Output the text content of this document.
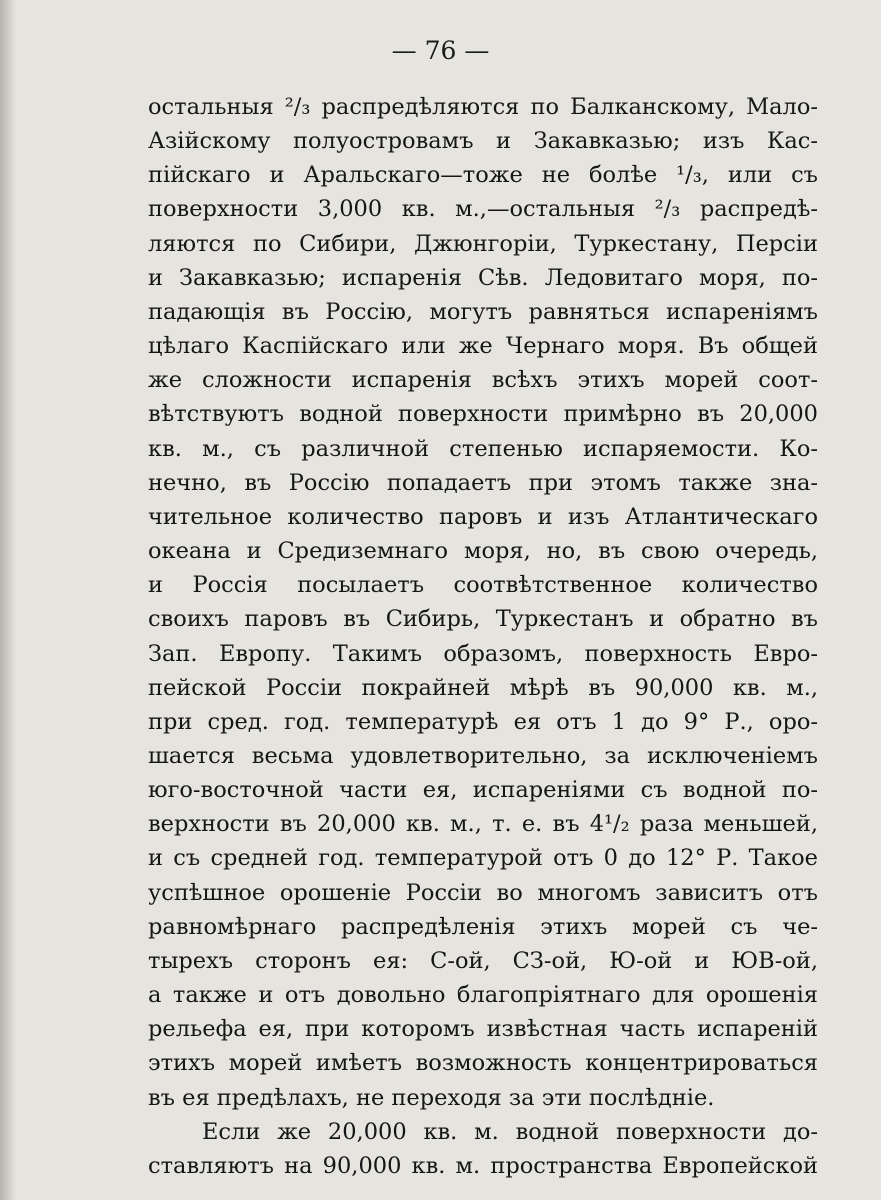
— 76 —
остальныя ²/₃ распредѣляются по Балканскому, Мало-
Азійскому полуостровамъ и Закавказью; изъ Кас-
пійскаго и Аральскаго—тоже не болѣе ¹/₃, или съ
поверхности 3,000 кв. м.,—остальныя ²/₃ распредѣ-
ляются по Сибири, Джюнгоріи, Туркестану, Персіи
и Закавказью; испаренія Сѣв. Ледовитаго моря, по-
падающія въ Россію, могутъ равняться испареніямъ
цѣлаго Каспійскаго или же Чернаго моря. Въ общей
же сложности испаренія всѣхъ этихъ морей соот-
вѣтствуютъ водной поверхности примѣрно въ 20,000
кв. м., съ различной степенью испаряемости. Ко-
нечно, въ Россію попадаетъ при этомъ также зна-
чительное количество паровъ и изъ Атлантическаго
океана и Средиземнаго моря, но, въ свою очередь,
и Россія посылаетъ соотвѣтственное количество
своихъ паровъ въ Сибирь, Туркестанъ и обратно въ
Зап. Европу. Такимъ образомъ, поверхность Евро-
пейской Россіи покрайней мѣрѣ въ 90,000 кв. м.,
при сред. год. температурѣ ея отъ 1 до 9° Р., оро-
шается весьма удовлетворительно, за исключеніемъ
юго-восточной части ея, испареніями съ водной по-
верхности въ 20,000 кв. м., т. е. въ 4¹/₂ раза меньшей,
и съ средней год. температурой отъ 0 до 12° Р. Такое
успѣшное орошеніе Россіи во многомъ зависитъ отъ
равномѣрнаго распредѣленія этихъ морей съ че-
тырехъ сторонъ ея: С-ой, СЗ-ой, Ю-ой и ЮВ-ой,
а также и отъ довольно благопріятнаго для орошенія
рельефа ея, при которомъ извѣстная часть испареній
этихъ морей имѣетъ возможность концентрироваться
въ ея предѣлахъ, не переходя за эти послѣдніе.
Если же 20,000 кв. м. водной поверхности до-
ставляютъ на 90,000 кв. м. пространства Европейской
